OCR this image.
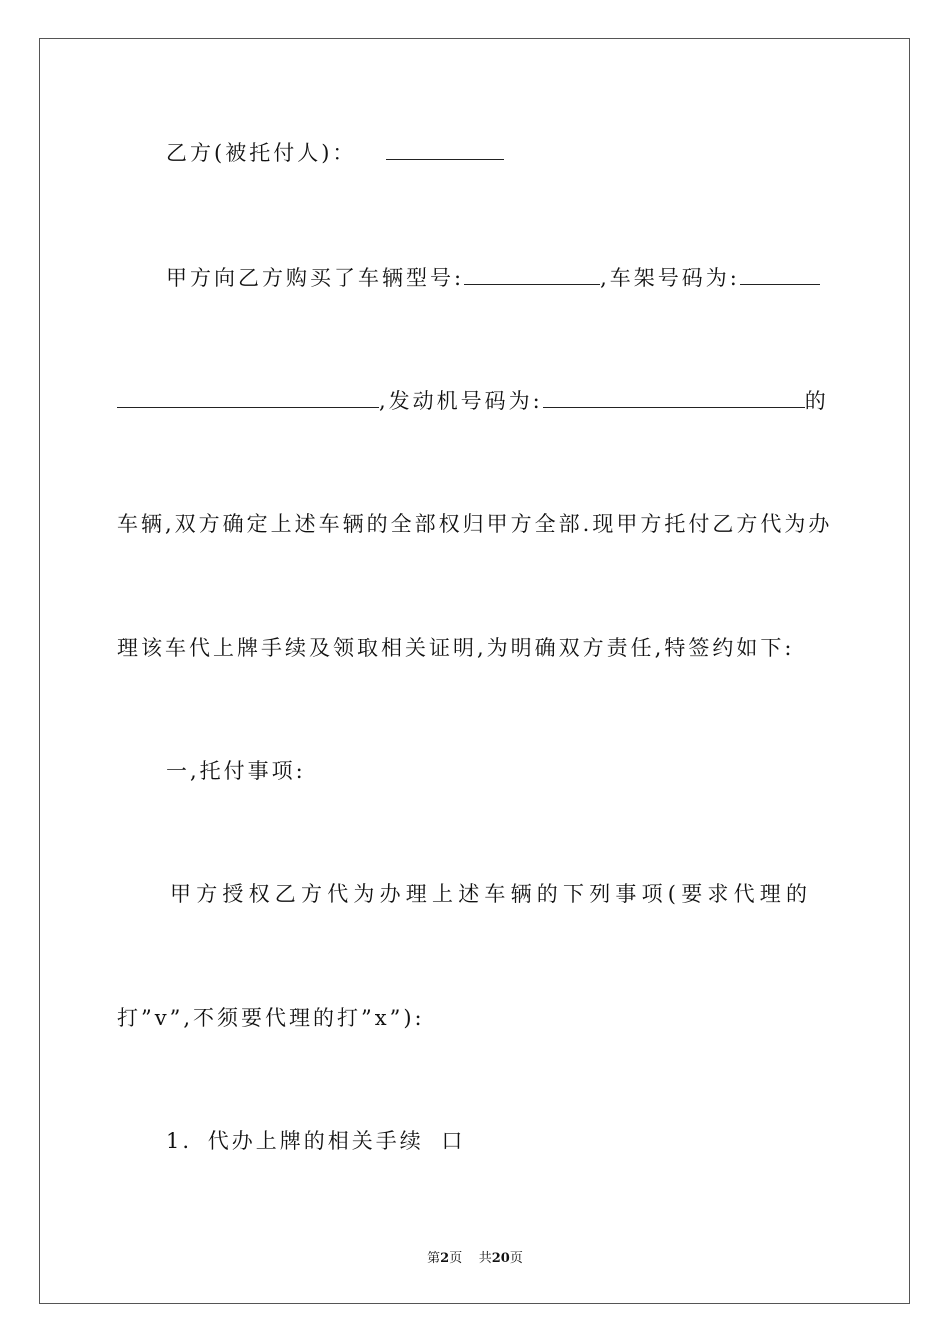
乙方(被托付人)：
甲方向乙方购买了车辆型号:	,车架号码为:
,发动机号码为:	的
车辆,双方确定上述车辆的全部权归甲方全部.现甲方托付乙方代为办
理该车代上牌手续及领取相关证明,为明确双方责任,特签约如下:
一,托付事项:
甲方授权乙方代为办理上述车辆的下列事项(要求代理的
打”v”,不须要代理的打”x”):
1. 代办上牌的相关手续 口
第2页 共20页
